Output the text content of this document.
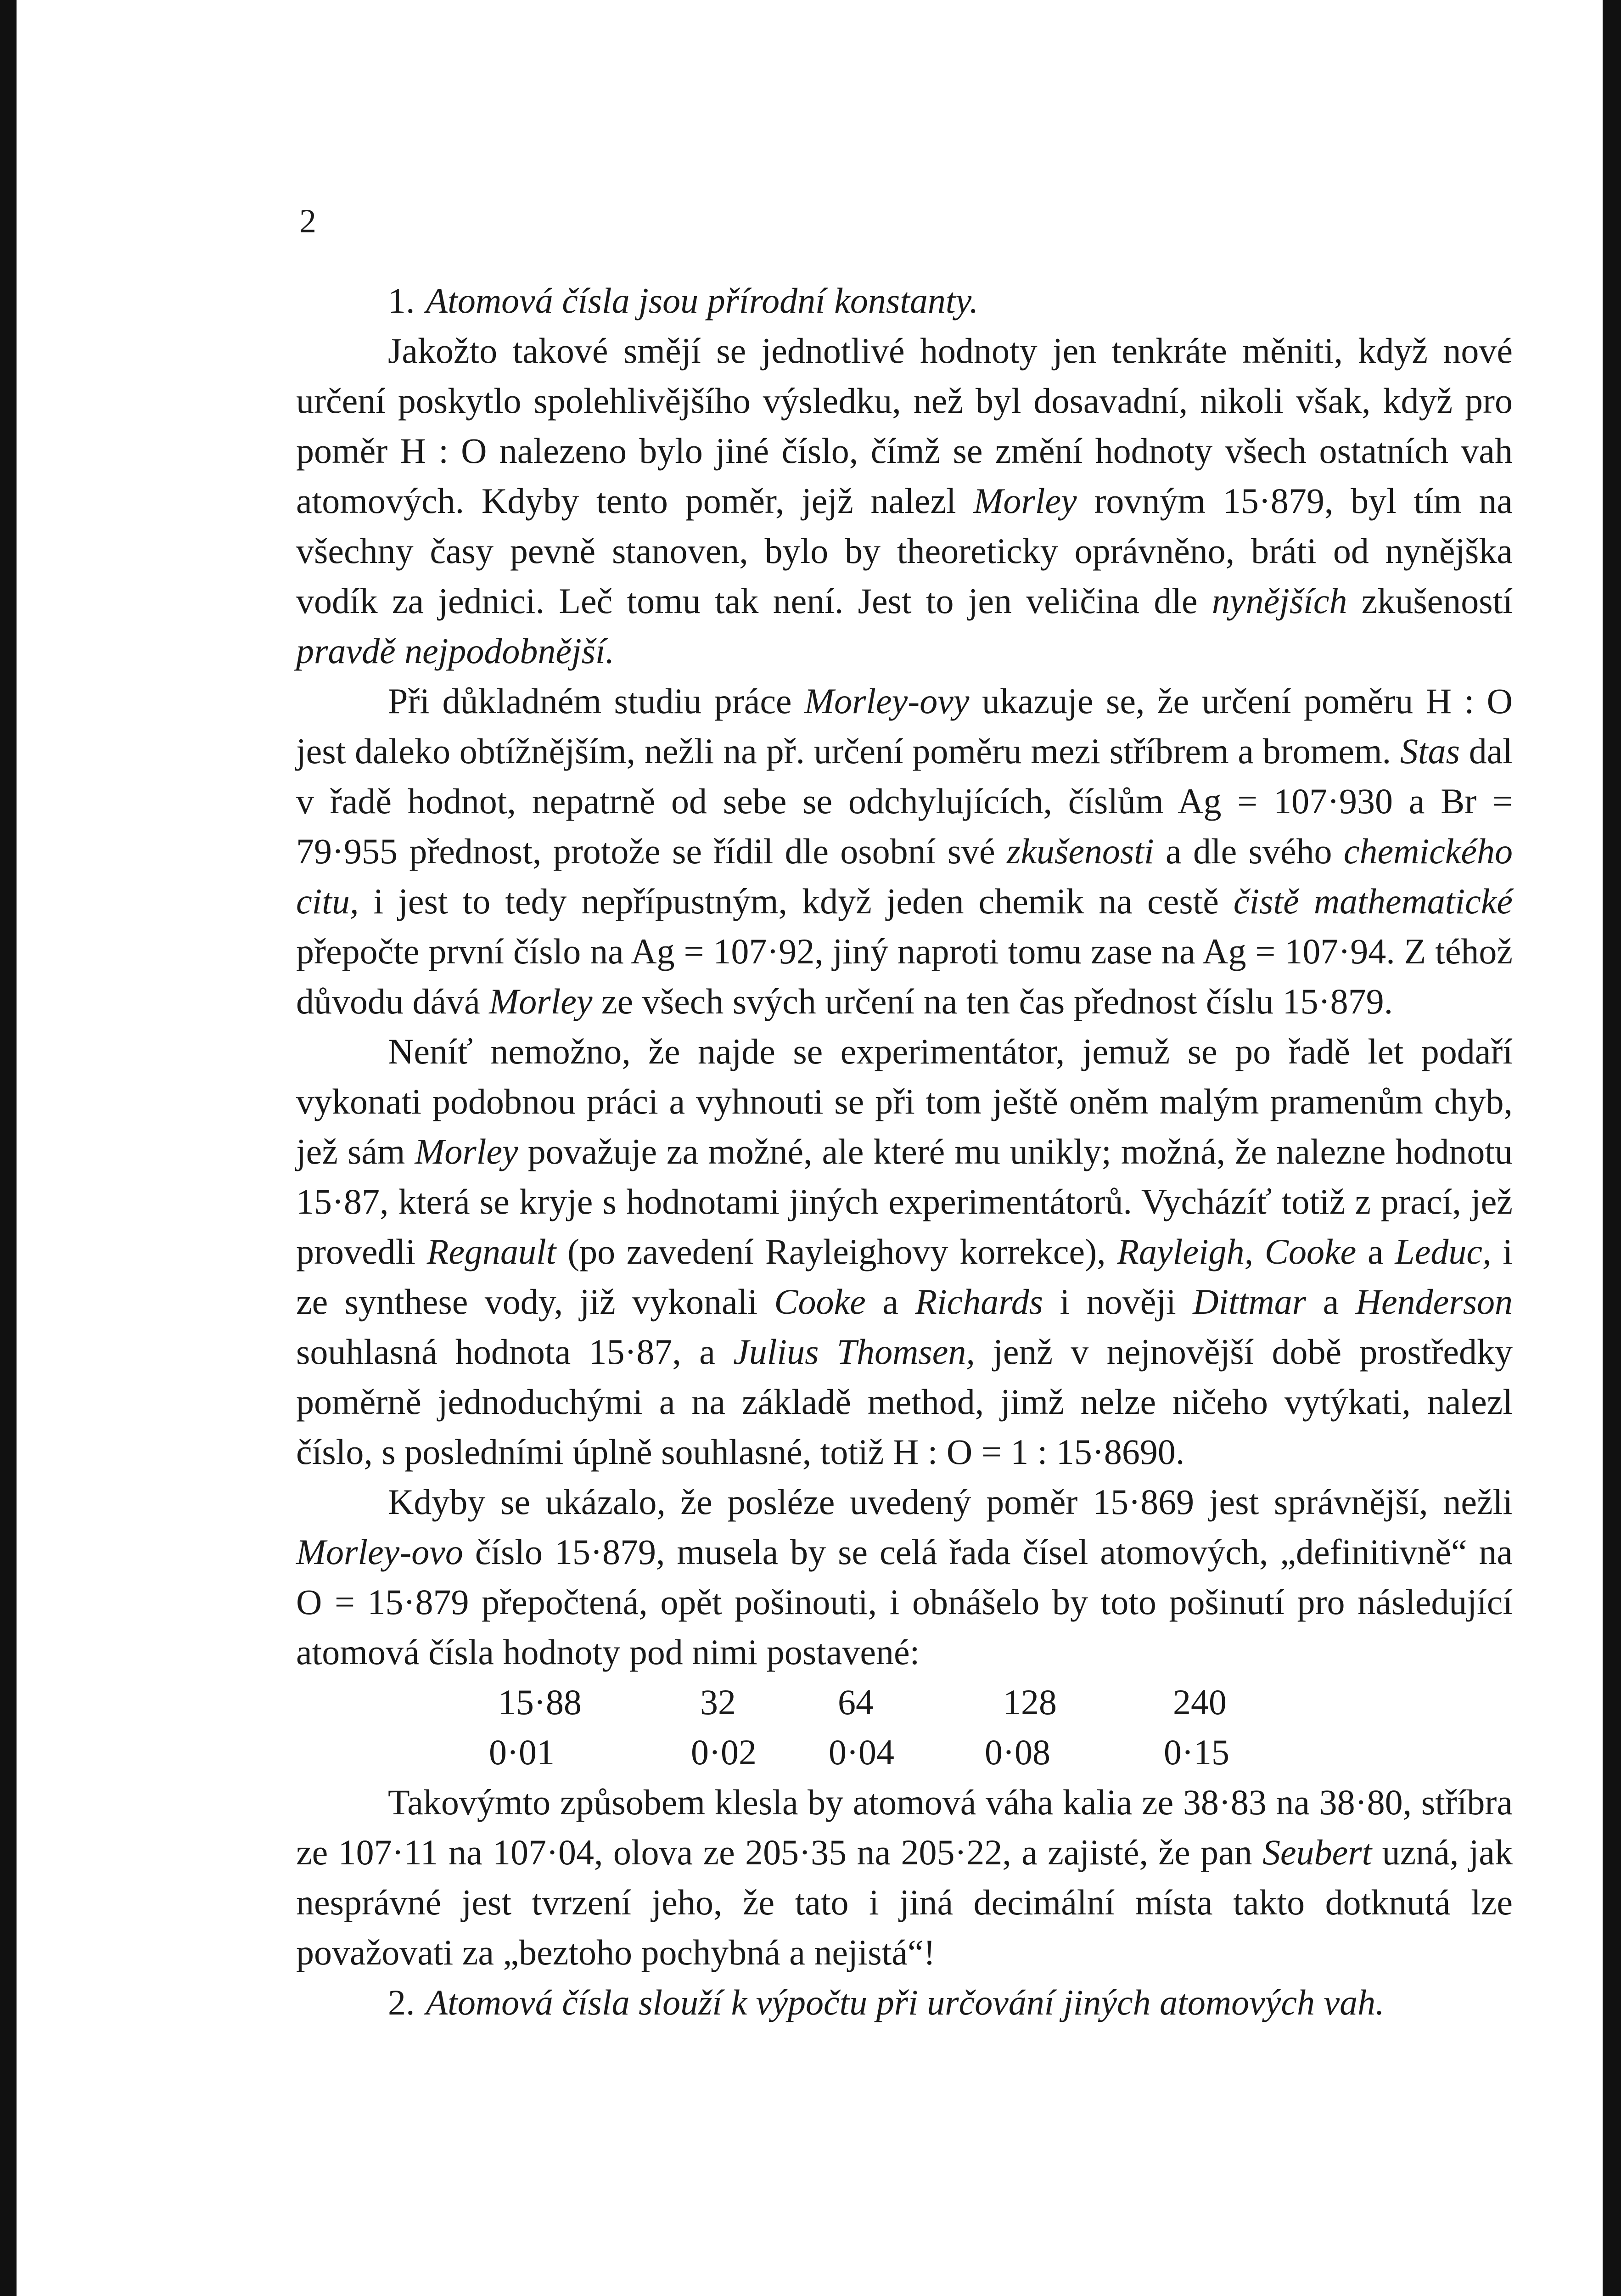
2

1. Atomová čísla jsou přírodní konstanty.

Jakožto takové smějí se jednotlivé hodnoty jen tenkráte měniti, když nové určení poskytlo spolehlivějšího výsledku, než byl dosavadní, nikoli však, když pro poměr H : O nalezeno bylo jiné číslo, čímž se změní hodnoty všech ostatních vah atomových. Kdyby tento poměr, jejž nalezl Morley rovným 15·879, byl tím na všechny časy pevně stanoven, bylo by theoreticky oprávněno, bráti od nynějška vodík za jednici. Leč tomu tak není. Jest to jen veličina dle nynějších zkušeností pravdě nejpodobnější.

Při důkladném studiu práce Morley-ovy ukazuje se, že určení poměru H : O jest daleko obtížnějším, nežli na př. určení poměru mezi stříbrem a bromem. Stas dal v řadě hodnot, nepatrně od sebe se odchylujících, číslům Ag = 107·930 a Br = 79·955 přednost, protože se řídil dle osobní své zkušenosti a dle svého chemického citu, i jest to tedy nepřípustným, když jeden chemik na cestě čistě mathematické přepočte první číslo na Ag = 107·92, jiný naproti tomu zase na Ag = 107·94. Z téhož důvodu dává Morley ze všech svých určení na ten čas přednost číslu 15·879.

Neníť nemožno, že najde se experimentátor, jemuž se po řadě let podaří vykonati podobnou práci a vyhnouti se při tom ještě oněm malým pramenům chyb, jež sám Morley považuje za možné, ale které mu unikly; možná, že nalezne hodnotu 15·87, která se kryje s hodnotami jiných experimentátorů. Vycházíť totiž z prací, jež provedli Regnault (po zavedení Rayleighovy korrekce), Rayleigh, Cooke a Leduc, i ze synthese vody, již vykonali Cooke a Richards i nověji Dittmar a Henderson souhlasná hodnota 15·87, a Julius Thomsen, jenž v nejnovější době prostředky poměrně jednoduchými a na základě method, jimž nelze ničeho vytýkati, nalezl číslo, s posledními úplně souhlasné, totiž H : O = 1 : 15·8690.

Kdyby se ukázalo, že posléze uvedený poměr 15·869 jest správnější, nežli Morley-ovo číslo 15·879, musela by se celá řada čísel atomových, „definitivně“ na O = 15·879 přepočtená, opět pošinouti, i obnášelo by toto pošinutí pro následující atomová čísla hodnoty pod nimi postavené:

15·88	32	64	128	240
0·01	0·02	0·04	0·08	0·15

Takovýmto způsobem klesla by atomová váha kalia ze 38·83 na 38·80, stříbra ze 107·11 na 107·04, olova ze 205·35 na 205·22, a zajisté, že pan Seubert uzná, jak nesprávné jest tvrzení jeho, že tato i jiná decimální místa takto dotknutá lze považovati za „beztoho pochybná a nejistá“!

2. Atomová čísla slouží k výpočtu při určování jiných atomových vah.
